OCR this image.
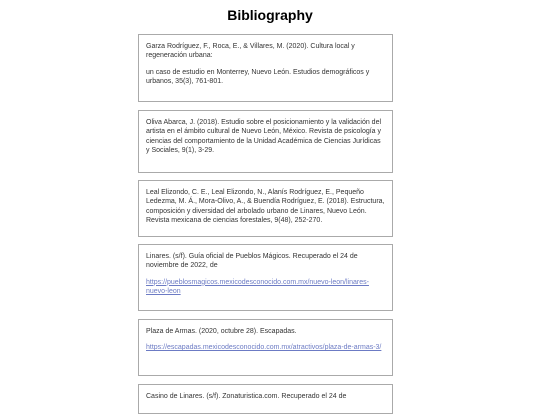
Bibliography

Garza Rodríguez, F., Roca, E., & Villares, M. (2020). Cultura local y regeneración urbana:

un caso de estudio en Monterrey, Nuevo León. Estudios demográficos y urbanos, 35(3), 761-801.

Oliva Abarca, J. (2018). Estudio sobre el posicionamiento y la validación del artista en el ámbito cultural de Nuevo León, México. Revista de psicología y ciencias del comportamiento de la Unidad Académica de Ciencias Jurídicas y Sociales, 9(1), 3-29.

Leal Elizondo, C. E., Leal Elizondo, N., Alanís Rodríguez, E., Pequeño Ledezma, M. Á., Mora-Olivo, A., & Buendía Rodríguez, E. (2018). Estructura, composición y diversidad del arbolado urbano de Linares, Nuevo León. Revista mexicana de ciencias forestales, 9(48), 252-270.

Linares. (s/f). Guía oficial de Pueblos Mágicos. Recuperado el 24 de noviembre de 2022, de

https://pueblosmagicos.mexicodesconocido.com.mx/nuevo-leon/linares-nuevo-leon

Plaza de Armas. (2020, octubre 28). Escapadas.

https://escapadas.mexicodesconocido.com.mx/atractivos/plaza-de-armas-3/

Casino de Linares. (s/f). Zonaturistica.com. Recuperado el 24 de
